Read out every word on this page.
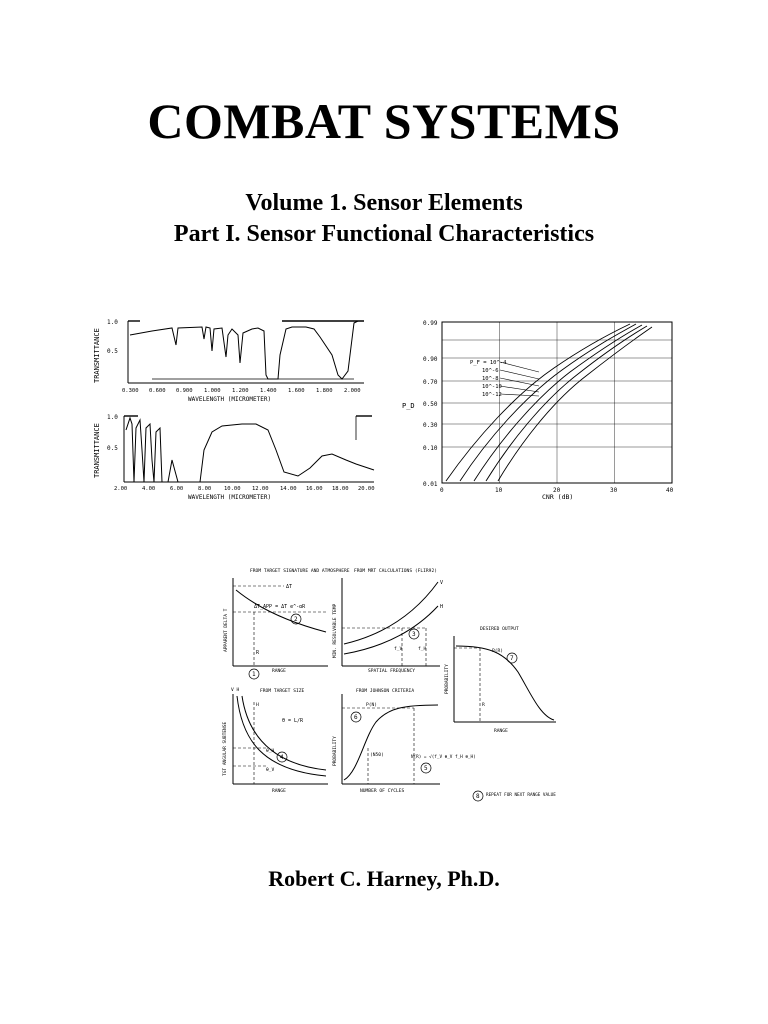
COMBAT SYSTEMS
Volume 1. Sensor Elements
Part I. Sensor Functional Characteristics
TRANSMITTANCE
1.0
0.5
0.300 0.600 0.900 1.000 1.200 1.400 1.600 1.800 2.000
WAVELENGTH (MICROMETER)
TRANSMITTANCE
1.0
0.5
2.00	4.00	6.00	8.00 10.00 12.00 14.00 16.00 18.00 20.00
WAVELENGTH (MICROMETER)
0.99
0.90
0.70
0.50
0.30
0.10
0.01
P_D
0	10	20	30	40
CNR (dB)
P_F = 10^-4
10^-6
10^-8
10^-10
10^-12
FROM TARGET SIGNATURE AND ATMOSPHERE
ΔT
ΔT_APP = ΔT e^-αR
R
2
APPARENT DELTA T
RANGE
1
FROM MRT CALCULATIONS (FLIR92)
V
H
f_V	f_H
3
MIN. RESOLVABLE TEMP
SPATIAL FREQUENCY
FROM TARGET SIZE
V H
H
θ = L/R
θ_H
θ_V
4
TGT ANGULAR SUBTENSE
RANGE
FROM JOHNSON CRITERIA
P(N)
6
(N50)	N(R) = √(f_V θ_V f_H θ_H)
5
PROBABILITY
NUMBER OF CYCLES
DESIRED OUTPUT
P(R)
7
R
PROBABILITY
RANGE
8 REPEAT FOR NEXT RANGE VALUE
Robert C. Harney, Ph.D.
